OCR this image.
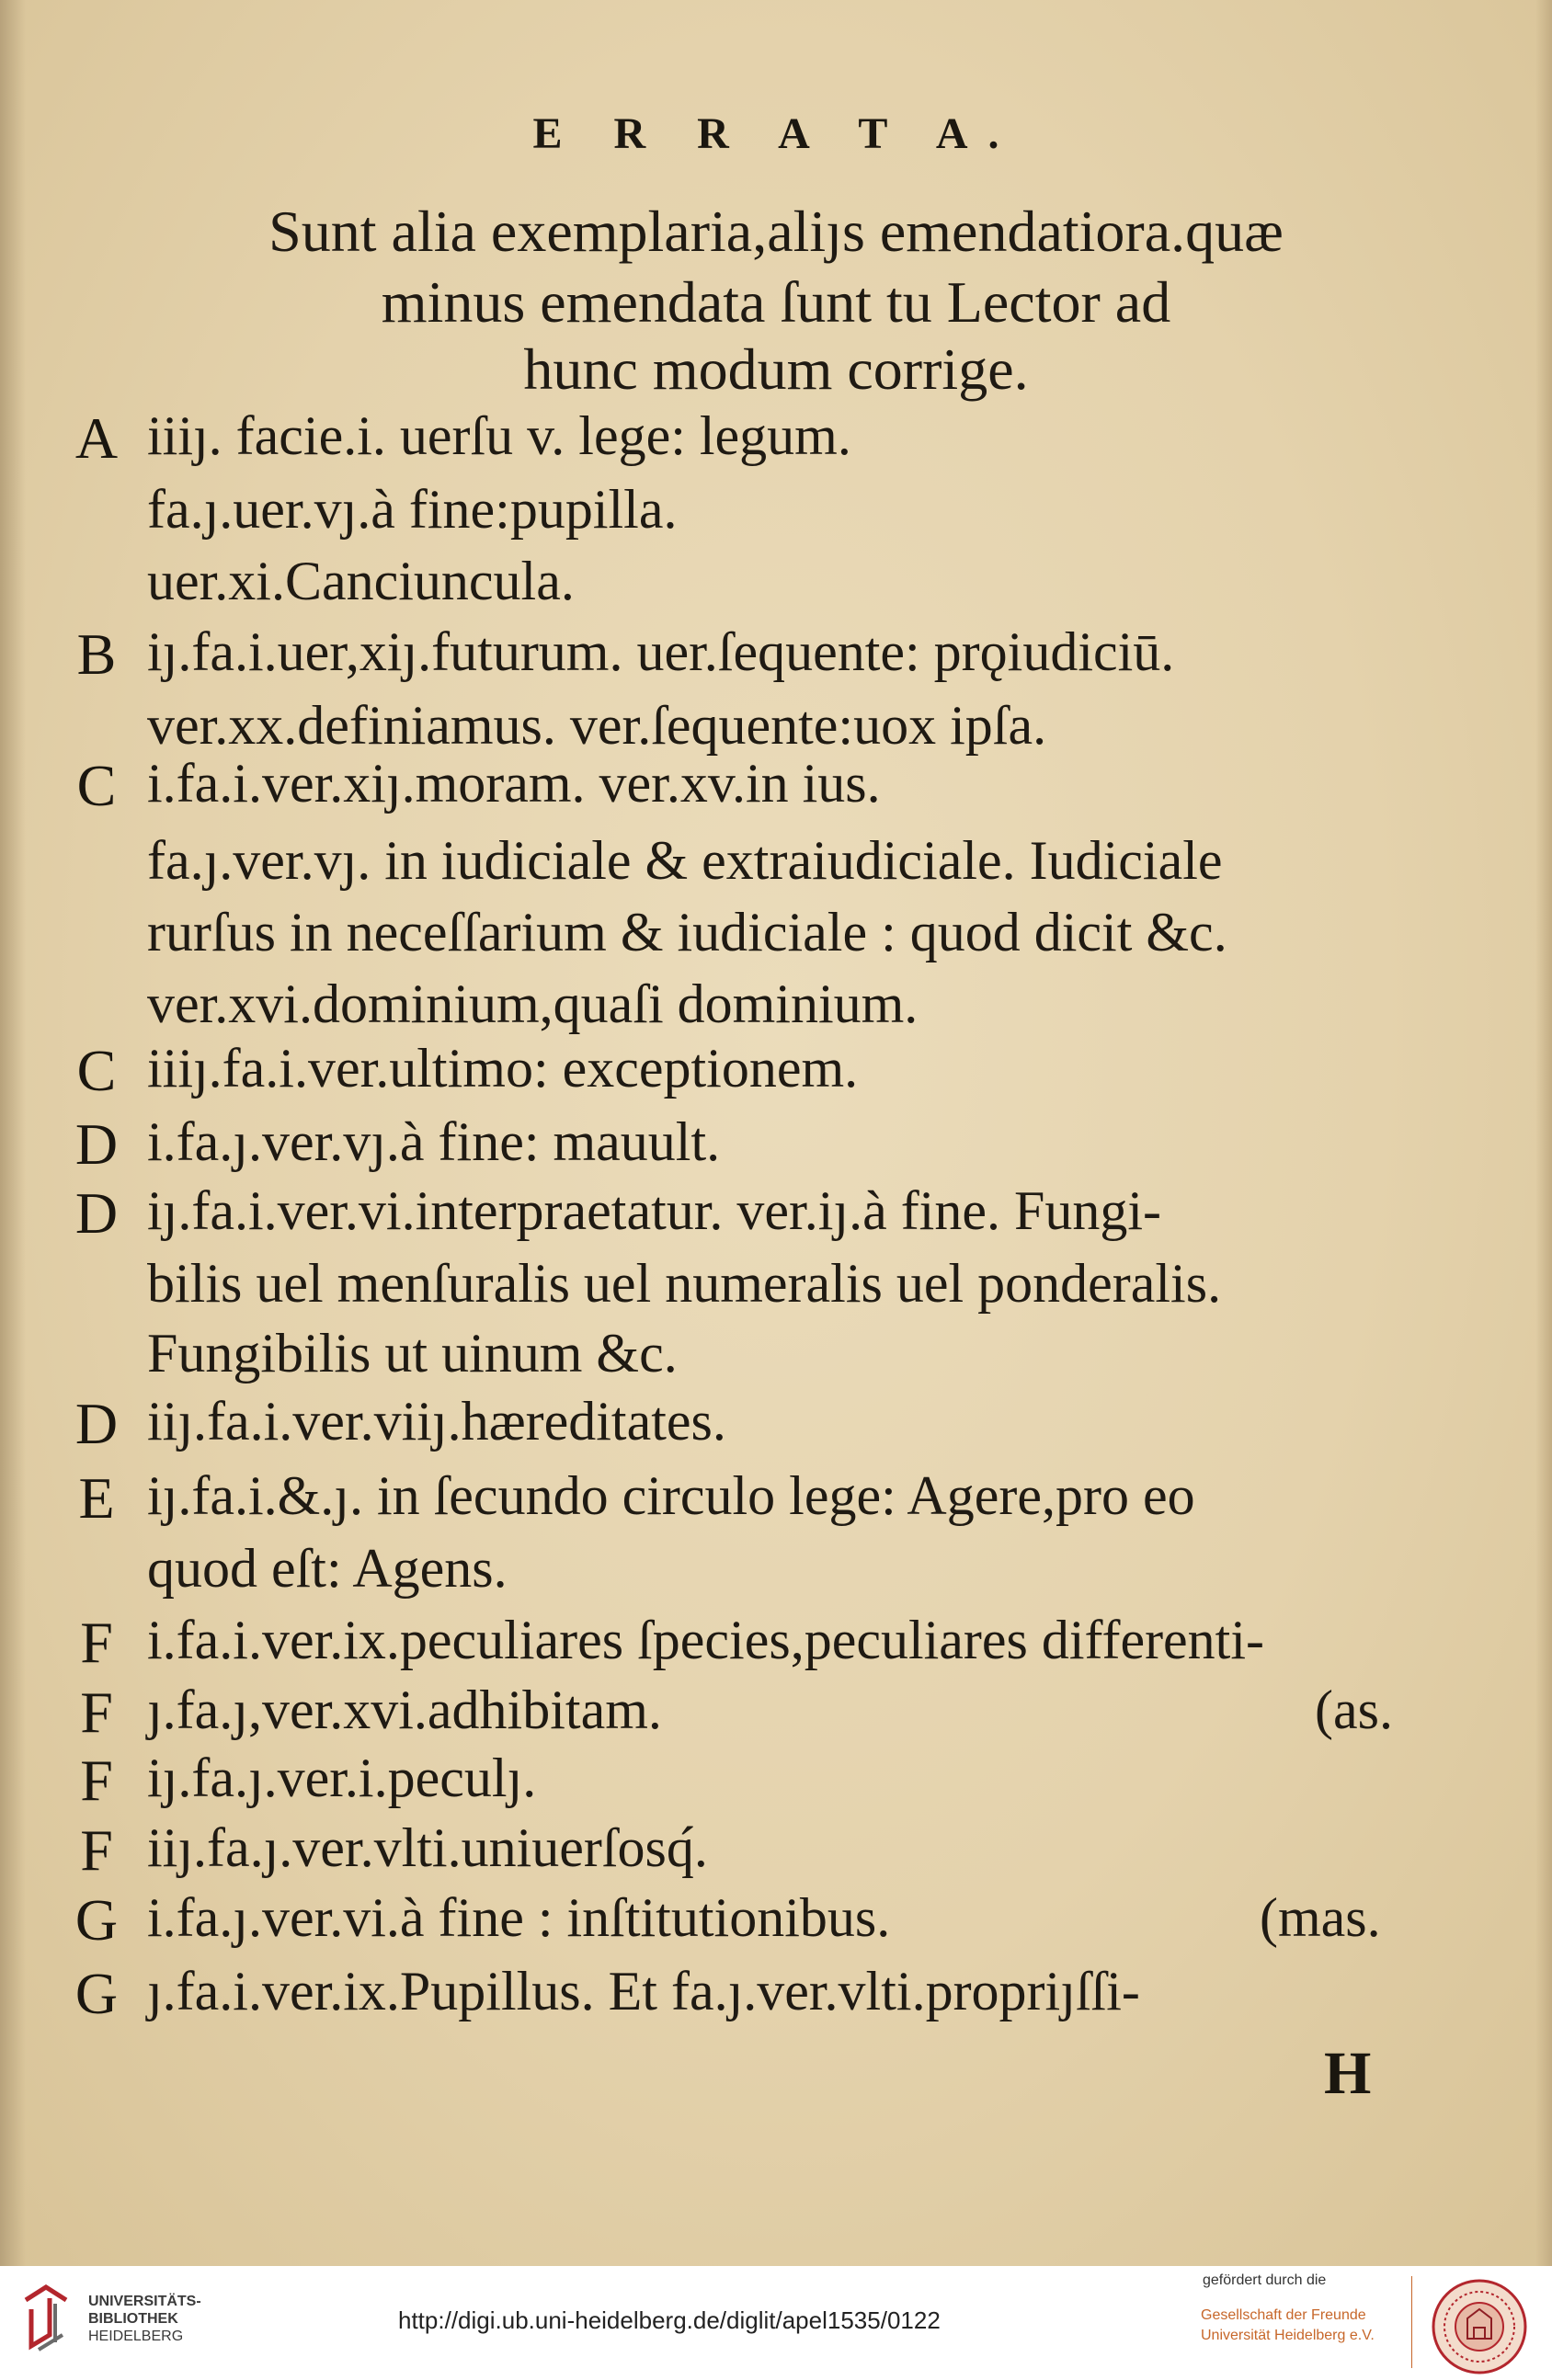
E R R A T A.
Sunt alia exemplaria,aliȷs emendatiora.quæ
minus emendata ſunt tu Lector ad
hunc modum corrige.
A iiiȷ. facie.i. uerſu v. lege: legum.
fa.ȷ.uer.vȷ.à fine:pupilla.
uer.xi.Canciuncula.
B iȷ.fa.i.uer,xiȷ.futurum. uer.ſequente: prǫiudiciū.
ver.xx.definiamus. ver.ſequente:uox ipſa.
C i.fa.i.ver.xiȷ.moram. ver.xv.in ius.
fa.ȷ.ver.vȷ. in iudiciale & extraiudiciale. Iudiciale
rurſus in neceſſarium & iudiciale : quod dicit &c.
ver.xvi.dominium,quaſi dominium.
C iiiȷ.fa.i.ver.ultimo: exceptionem.
D i.fa.ȷ.ver.vȷ.à fine: mauult.
D iȷ.fa.i.ver.vi.interpraetatur. ver.iȷ.à fine. Fungi-
bilis uel menſuralis uel numeralis uel ponderalis.
Fungibilis ut uinum &c.
D iiȷ.fa.i.ver.viiȷ.hæreditates.
E iȷ.fa.i.&.ȷ. in ſecundo circulo lege: Agere,pro eo
quod eſt: Agens.
F i.fa.i.ver.ix.peculiares ſpecies,peculiares differenti-
F ȷ.fa.ȷ,ver.xvi.adhibitam.	(as.
F iȷ.fa.ȷ.ver.i.peculȷ.
F iiȷ.fa.ȷ.ver.vlti.uniuerſosq́.
G i.fa.ȷ.ver.vi.à fine : inſtitutionibus.	(mas.
G ȷ.fa.i.ver.ix.Pupillus. Et fa.ȷ.ver.vlti.propriȷſſi-
H
UNIVERSITÄTS-
BIBLIOTHEK
HEIDELBERG
http://digi.ub.uni-heidelberg.de/diglit/apel1535/0122
gefördert durch die
Gesellschaft der Freunde
Universität Heidelberg e.V.
